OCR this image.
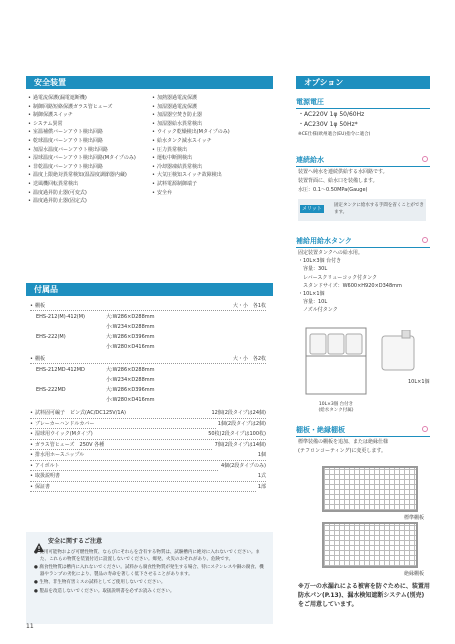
安全装置
• 過電流保護(漏電遮断機)
• 制御回路短絡保護ガラス管ヒューズ
• 制御保護スイッチ
• システム異常
• 室温補償バーンアウト検出回路
• 乾球温度バーンアウト検出回路
• 加湿水温度バーンアウト検出回路
• 湿球温度バーンアウト検出回路(Mタイプのみ)
• 非乾温度バーンアウト検出回路
• 温度上限絶対異常検知(温湿度調節器内蔵)
• 送風機回転異常検出
• 温度過昇防止器(可変式)
• 温度過昇防止器(固定式)
• 加熱器過電流保護
• 加湿器過電流保護
• 加湿器空焚き防止器
• 加湿器給水異常検出
• ウイック乾燥検出(Mタイプのみ)
• 給水タンク減水スイッチ
• 圧力異常検出
• 運転中断開検出
• 冷却器凍結異常検出
• 大気圧検知スイッチ故障検出
• 試料電源制御端子
• 安全弁
付属品
• 棚板	大・小　各1枚
EHS-212(M)·412(M)	大:W286×D288mm
小:W234×D288mm
EHS-222(M)	大:W286×D396mm
小:W280×D416mm
• 棚板	大・小　各2枚
EHS-212MD·412MD	大:W286×D288mm
小:W234×D288mm
EHS-222MD	大:W286×D396mm
小:W280×D416mm
• 試料固可編子　ピン式(AC/DC125V/1A)	12個(2段タイプは24個)
• ブレーカーハンドルカバー	1個(2段タイプは2個)
• 湿球用ウイック(Mタイプ)	50枚(2段タイプは100枚)
• ガラス管ヒューズ　250V 各種	7個(2段タイプは14個)
• 排水用ホースニップル	1個
• アイボルト	4個(2段タイプのみ)
• 取扱説明書	1式
• 保証書	1部
安全に関するご注意
● 使用可能物および可燃性物質、ならびにそれらを含有する物質は、試験槽内に絶対に入れないでください。また、これらの物質を装置付近に設置しないでください。爆発、火災のおそれがあり、危険です。
● 腐食性物質は槽内に入れないでください。試料から腐食性物質が発生する場合、特にステンレスや銅の腐食、機器やランプの劣化により、製品の寿命を著しく低下させることがあります。
● 生物、非生物有害ミスの試料としてご使用しないでください。
● 製品を改造しないでください。取扱説明書を必ずお読みください。
11
オプション
電源電圧
・AC220V 1φ 50/60Hz
・AC230V 1φ 50Hz*
※CE仕様(欧州適合(EU)指令に適合)
連続給水
装置へ純水を連続供給する水回路です。
装置背面に、給水口を装備します。
水圧：0.1～0.50MPa(Gauge)
メリット
固定タンクに給水する手間を省くことができます。
補給用給水タンク
固定装置タンクへの給水用。
・10L×3個 台付き
　容量：30L
　レバースクリューコック付タンク
　スタンドサイズ：W600×H920×D348mm
・10L×1個
　容量：10L
　ノズル付タンク
10L×3個 台付き
(給水タンク付属)
10L×1個
棚板・絶縁棚板
標準装備の棚板を追加、または絶縁仕様
(テフロンコーティング)に変更します。
標準棚板
絶縁棚板
※万一の水漏れによる被害を防ぐために、装置用防水パン(P.13)、漏水検知遮断システム(別売)をご用意しています。
